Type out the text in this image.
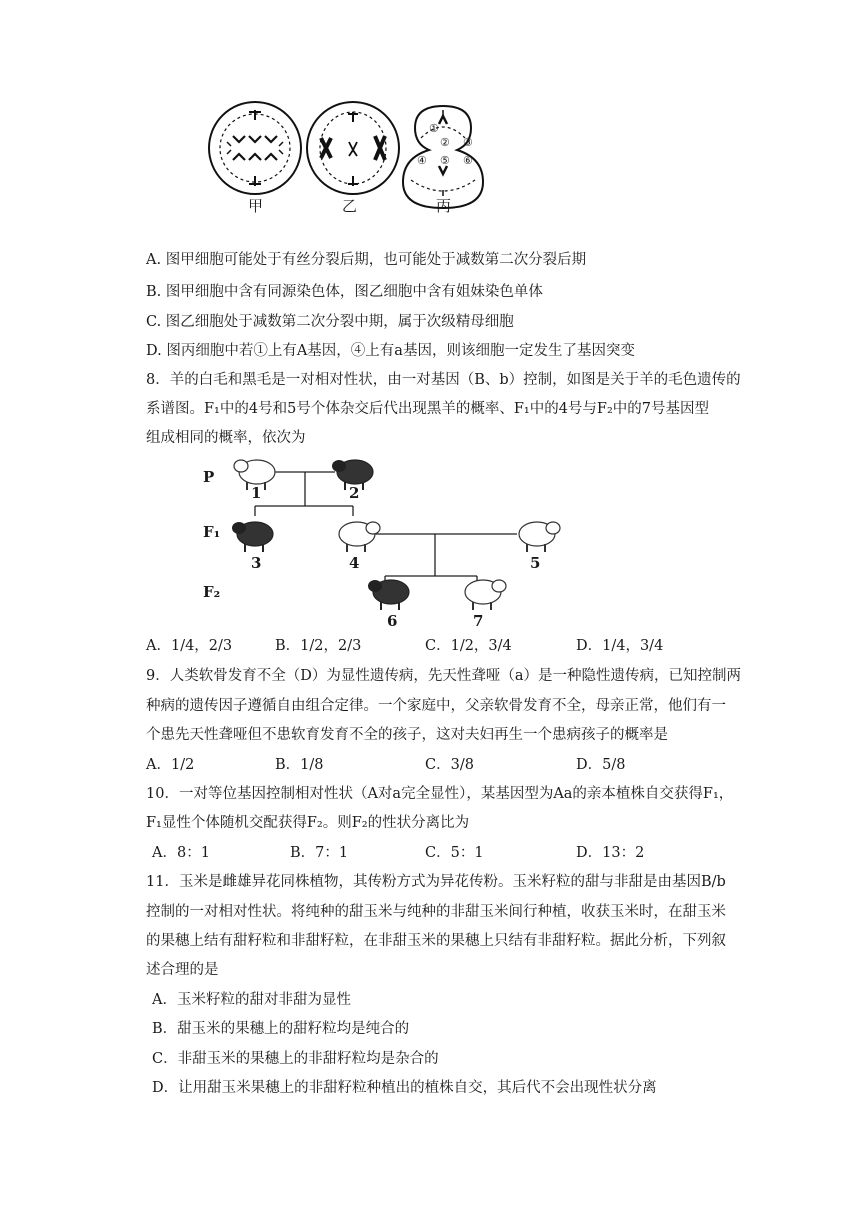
①
② ③
④ ⑤ ⑥
甲	乙	丙
A. 图甲细胞可能处于有丝分裂后期，也可能处于减数第二次分裂后期
B. 图甲细胞中含有同源染色体，图乙细胞中含有姐妹染色单体
C. 图乙细胞处于减数第二次分裂中期，属于次级精母细胞
D. 图丙细胞中若①上有A基因，④上有a基因，则该细胞一定发生了基因突变
8．羊的白毛和黑毛是一对相对性状，由一对基因（B、b）控制，如图是关于羊的毛色遗传的
系谱图。F₁中的4号和5号个体杂交后代出现黑羊的概率、F₁中的4号与F₂中的7号基因型
组成相同的概率，依次为
P
F₁
F₂
1	2
3	4	5
6	7
A．1/4，2/3	B．1/2，2/3	C．1/2，3/4	D．1/4，3/4
9．人类软骨发育不全（D）为显性遗传病，先天性聋哑（a）是一种隐性遗传病，已知控制两
种病的遗传因子遵循自由组合定律。一个家庭中，父亲软骨发育不全，母亲正常，他们有一
个患先天性聋哑但不患软育发育不全的孩子，这对夫妇再生一个患病孩子的概率是
A．1/2	B．1/8	C．3/8	D．5/8
10．一对等位基因控制相对性状（A对a完全显性），某基因型为Aa的亲本植株自交获得F₁，
F₁显性个体随机交配获得F₂。则F₂的性状分离比为
A．8：1	B．7：1	C．5：1	D．13：2
11．玉米是雌雄异花同株植物，其传粉方式为异花传粉。玉米籽粒的甜与非甜是由基因B/b
控制的一对相对性状。将纯种的甜玉米与纯种的非甜玉米间行种植，收获玉米时，在甜玉米
的果穗上结有甜籽粒和非甜籽粒，在非甜玉米的果穗上只结有非甜籽粒。据此分析，下列叙
述合理的是
A．玉米籽粒的甜对非甜为显性
B．甜玉米的果穗上的甜籽粒均是纯合的
C．非甜玉米的果穗上的非甜籽粒均是杂合的
D．让用甜玉米果穗上的非甜籽粒种植出的植株自交，其后代不会出现性状分离
